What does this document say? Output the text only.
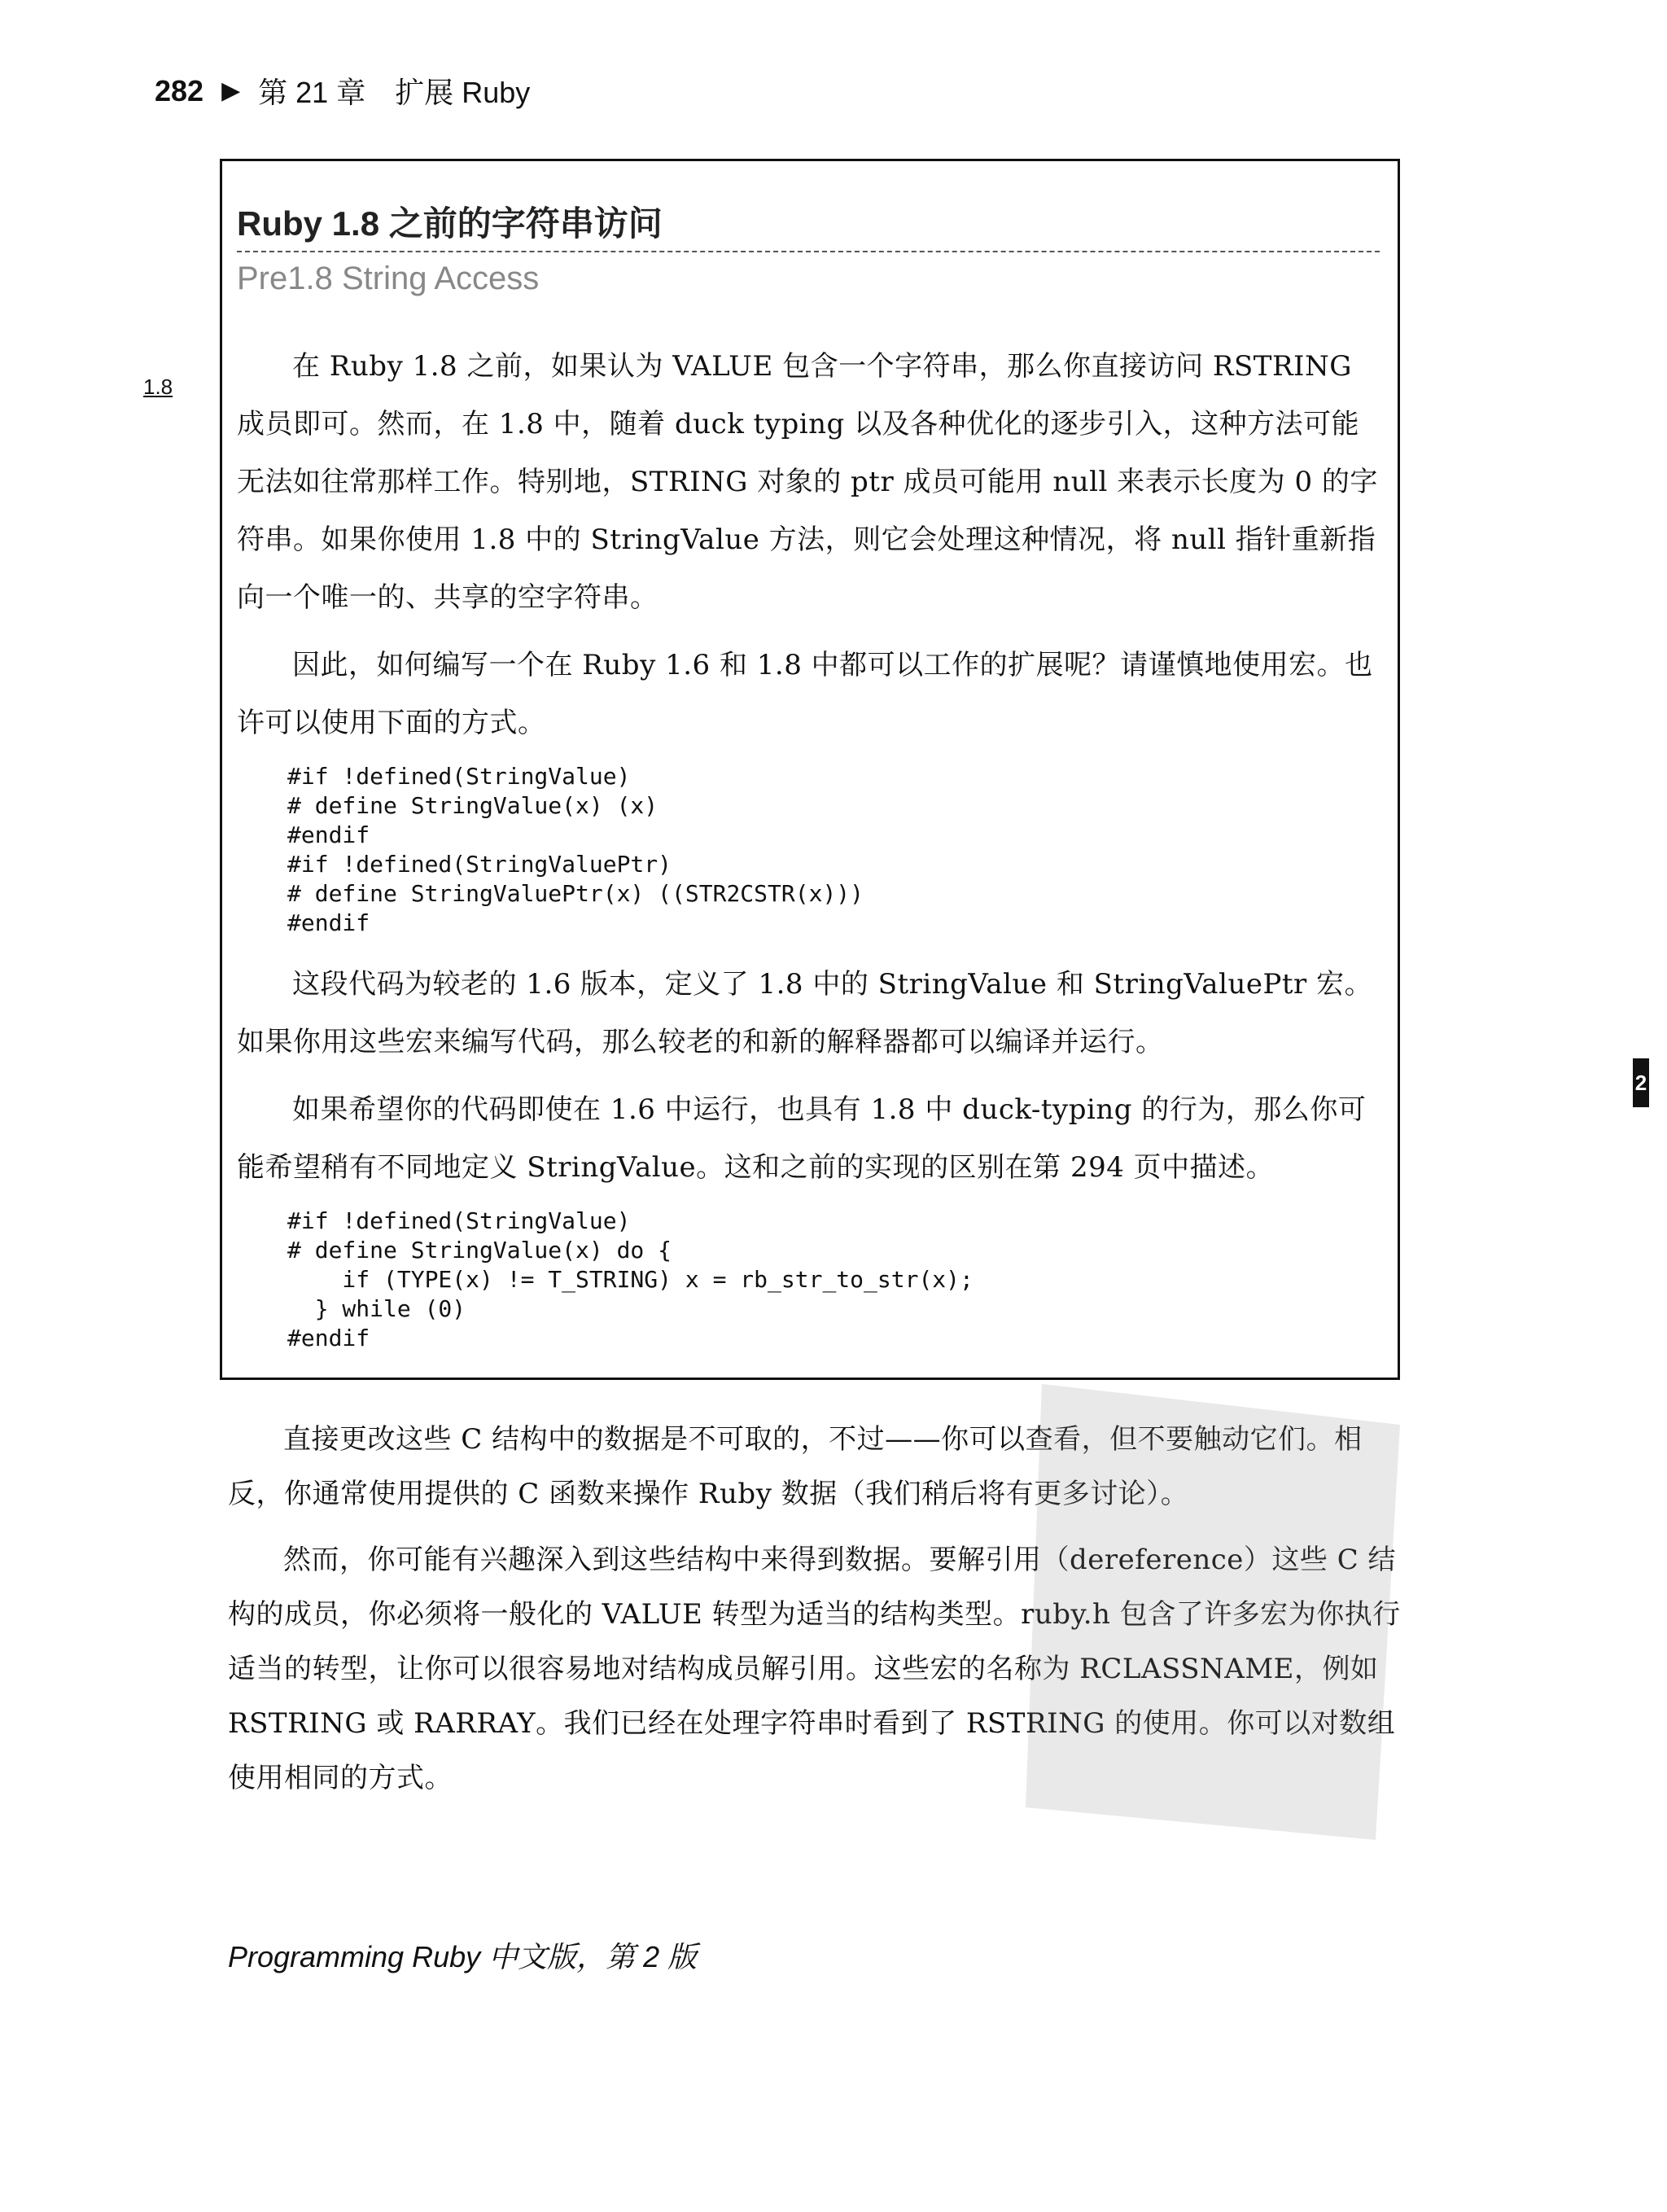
282 ▶ 第 21 章　扩展 Ruby
1.8
2
Ruby 1.8 之前的字符串访问
Pre1.8 String Access

在 Ruby 1.8 之前，如果认为 VALUE 包含一个字符串，那么你直接访问 RSTRING 成员即可。然而，在 1.8 中，随着 duck typing 以及各种优化的逐步引入，这种方法可能无法如往常那样工作。特别地，STRING 对象的 ptr 成员可能用 null 来表示长度为 0 的字符串。如果你使用 1.8 中的 StringValue 方法，则它会处理这种情况，将 null 指针重新指向一个唯一的、共享的空字符串。

因此，如何编写一个在 Ruby 1.6 和 1.8 中都可以工作的扩展呢？请谨慎地使用宏。也许可以使用下面的方式。

#if !defined(StringValue)
# define StringValue(x) (x)
#endif
#if !defined(StringValuePtr)
# define StringValuePtr(x) ((STR2CSTR(x)))
#endif

这段代码为较老的 1.6 版本，定义了 1.8 中的 StringValue 和 StringValuePtr 宏。如果你用这些宏来编写代码，那么较老的和新的解释器都可以编译并运行。

如果希望你的代码即使在 1.6 中运行，也具有 1.8 中 duck-typing 的行为，那么你可能希望稍有不同地定义 StringValue。这和之前的实现的区别在第 294 页中描述。

#if !defined(StringValue)
# define StringValue(x) do {
if (TYPE(x) != T_STRING) x = rb_str_to_str(x);
} while (0)
#endif

直接更改这些 C 结构中的数据是不可取的，不过——你可以查看，但不要触动它们。相反，你通常使用提供的 C 函数来操作 Ruby 数据（我们稍后将有更多讨论）。

然而，你可能有兴趣深入到这些结构中来得到数据。要解引用（dereference）这些 C 结构的成员，你必须将一般化的 VALUE 转型为适当的结构类型。ruby.h 包含了许多宏为你执行适当的转型，让你可以很容易地对结构成员解引用。这些宏的名称为 RCLASSNAME，例如 RSTRING 或 RARRAY。我们已经在处理字符串时看到了 RSTRING 的使用。你可以对数组使用相同的方式。

Programming Ruby 中文版，第 2 版
